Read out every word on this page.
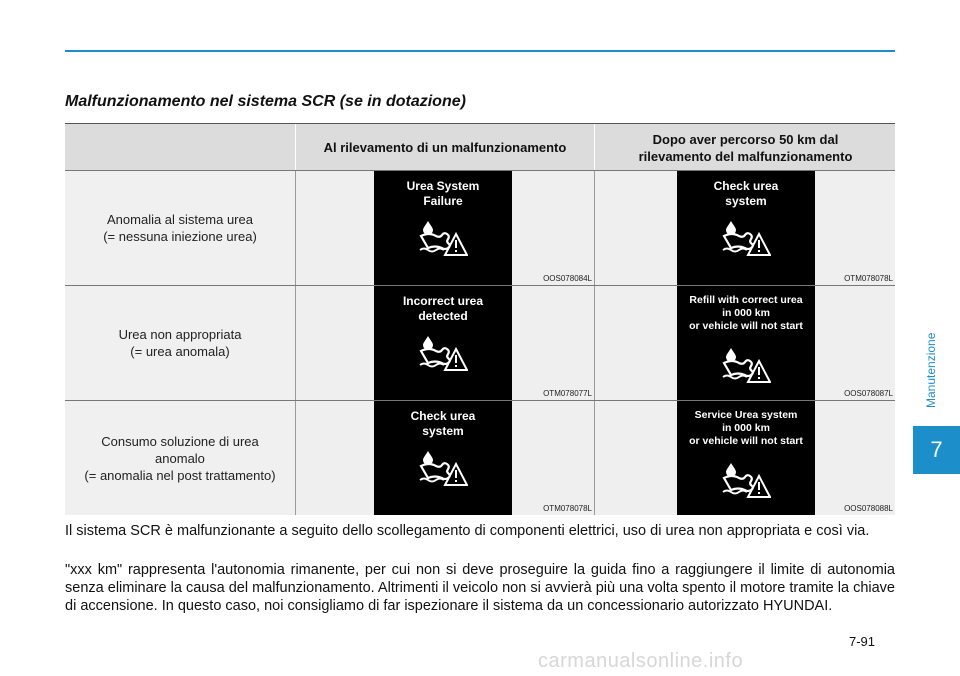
Malfunzionamento nel sistema SCR (se in dotazione)
Al rilevamento di un malfunzionamento
Dopo aver percorso 50 km dal
rilevamento del malfunzionamento
Anomalia al sistema urea
(= nessuna iniezione urea)
Urea System
Failure
OOS078084L
Check urea
system
OTM078078L
Urea non appropriata
(= urea anomala)
Incorrect urea
detected
OTM078077L
Refill with correct urea
in 000 km
or vehicle will not start
OOS078087L
Consumo soluzione di urea
anomalo
(= anomalia nel post trattamento)
Check urea
system
OTM078078L
Service Urea system
in 000 km
or vehicle will not start
OOS078088L
Il sistema SCR è malfunzionante a seguito dello scollegamento di componenti elettrici, uso di urea non appropriata e così via.
"xxx km" rappresenta l'autonomia rimanente, per cui non si deve proseguire la guida fino a raggiungere il limite di autonomia senza eliminare la causa del malfunzionamento. Altrimenti il veicolo non si avvierà più una volta spento il motore tramite la chiave di accensione. In questo caso, noi consigliamo di far ispezionare il sistema da un concessionario autorizzato HYUNDAI.
7-91
Manutenzione
7
carmanualsonline.info
